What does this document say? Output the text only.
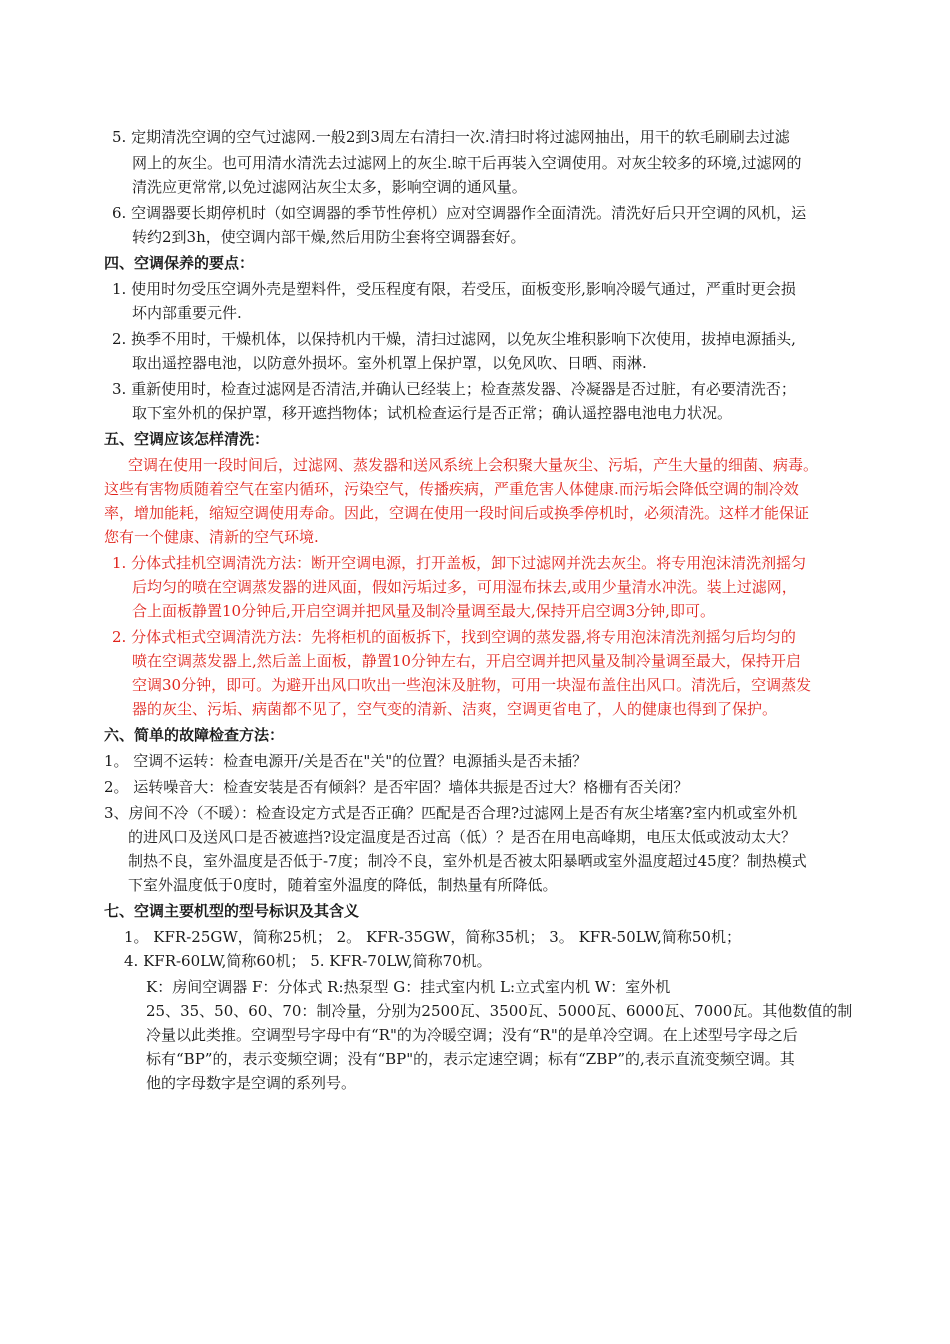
5. 定期清洗空调的空气过滤网.一般2到3周左右清扫一次.清扫时将过滤网抽出，用干的软毛刷刷去过滤
网上的灰尘。也可用清水清洗去过滤网上的灰尘.晾干后再装入空调使用。对灰尘较多的环境,过滤网的
清洗应更常常,以免过滤网沾灰尘太多，影响空调的通风量。
6. 空调器要长期停机时（如空调器的季节性停机）应对空调器作全面清洗。清洗好后只开空调的风机，运
转约2到3h，使空调内部干燥,然后用防尘套将空调器套好。
四、空调保养的要点：
1. 使用时勿受压空调外壳是塑料件，受压程度有限，若受压，面板变形,影响冷暖气通过，严重时更会损
坏内部重要元件.
2. 换季不用时，干燥机体，以保持机内干燥，清扫过滤网，以免灰尘堆积影响下次使用，拔掉电源插头,
取出遥控器电池，以防意外损坏。室外机罩上保护罩，以免风吹、日晒、雨淋.
3. 重新使用时，检查过滤网是否清洁,并确认已经装上；检查蒸发器、冷凝器是否过脏，有必要清洗否；
取下室外机的保护罩，移开遮挡物体；试机检查运行是否正常；确认遥控器电池电力状况。
五、空调应该怎样清洗：
空调在使用一段时间后，过滤网、蒸发器和送风系统上会积聚大量灰尘、污垢，产生大量的细菌、病毒。
这些有害物质随着空气在室内循环，污染空气，传播疾病，严重危害人体健康.而污垢会降低空调的制冷效
率，增加能耗，缩短空调使用寿命。因此，空调在使用一段时间后或换季停机时，必须清洗。这样才能保证
您有一个健康、清新的空气环境.
1. 分体式挂机空调清洗方法：断开空调电源，打开盖板，卸下过滤网并洗去灰尘。将专用泡沫清洗剂摇匀
后均匀的喷在空调蒸发器的进风面，假如污垢过多，可用湿布抹去,或用少量清水冲洗。装上过滤网，
合上面板静置10分钟后,开启空调并把风量及制冷量调至最大,保持开启空调3分钟,即可。
2. 分体式柜式空调清洗方法：先将柜机的面板拆下，找到空调的蒸发器,将专用泡沫清洗剂摇匀后均匀的
喷在空调蒸发器上,然后盖上面板，静置10分钟左右，开启空调并把风量及制冷量调至最大，保持开启
空调30分钟，即可。为避开出风口吹出一些泡沫及脏物，可用一块湿布盖住出风口。清洗后，空调蒸发
器的灰尘、污垢、病菌都不见了，空气变的清新、洁爽，空调更省电了，人的健康也得到了保护。
六、简单的故障检查方法：
1。 空调不运转：检查电源开/关是否在"关"的位置？电源插头是否未插？
2。 运转噪音大：检查安装是否有倾斜？是否牢固？墙体共振是否过大？格栅有否关闭？
3、房间不冷（不暖）：检查设定方式是否正确？匹配是否合理?过滤网上是否有灰尘堵塞?室内机或室外机
的进风口及送风口是否被遮挡?设定温度是否过高（低）？是否在用电高峰期，电压太低或波动太大？
制热不良，室外温度是否低于-7度；制冷不良，室外机是否被太阳暴晒或室外温度超过45度？制热模式
下室外温度低于0度时，随着室外温度的降低，制热量有所降低。
七、空调主要机型的型号标识及其含义
1。 KFR-25GW，简称25机； 2。 KFR-35GW，简称35机； 3。 KFR-50LW,简称50机；
4. KFR-60LW,简称60机； 5. KFR-70LW,简称70机。
K：房间空调器 F：分体式 R:热泵型 G：挂式室内机 L:立式室内机 W：室外机
25、35、50、60、70：制冷量，分别为2500瓦、3500瓦、5000瓦、6000瓦、7000瓦。其他数值的制
冷量以此类推。空调型号字母中有“R"的为冷暖空调；没有“R"的是单冷空调。在上述型号字母之后
标有“BP”的，表示变频空调；没有“BP"的，表示定速空调；标有“ZBP”的,表示直流变频空调。其
他的字母数字是空调的系列号。
